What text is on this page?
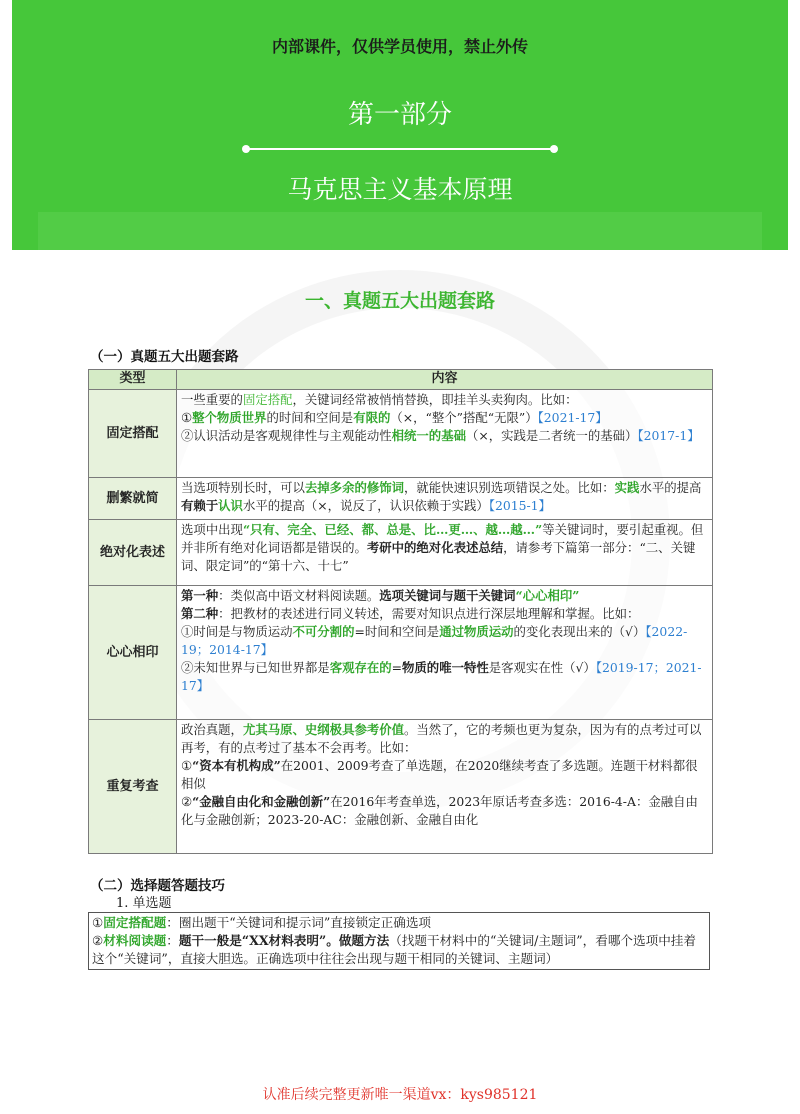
内部课件，仅供学员使用，禁止外传
第一部分
马克思主义基本原理
一、真题五大出题套路
（一）真题五大出题套路
类型	内容
固定搭配	一些重要的固定搭配，关键词经常被悄悄替换，即挂羊头卖狗肉。比如：
①整个物质世界的时间和空间是有限的（×，“整个”搭配“无限”）【2021-17】
②认识活动是客观规律性与主观能动性相统一的基础（×，实践是二者统一的基础）【2017-1】
删繁就简	当选项特别长时，可以去掉多余的修饰词，就能快速识别选项错误之处。比如：实践水平的提高有赖于认识水平的提高（×，说反了，认识依赖于实践）【2015-1】
绝对化表述	选项中出现“只有、完全、已经、都、总是、比…更…、越…越…”等关键词时，要引起重视。但并非所有绝对化词语都是错误的。考研中的绝对化表述总结，请参考下篇第一部分：“二、关键词、限定词”的“第十六、十七”
心心相印	第一种：类似高中语文材料阅读题。选项关键词与题干关键词“心心相印”
第二种：把教材的表述进行同义转述，需要对知识点进行深层地理解和掌握。比如：
①时间是与物质运动不可分割的=时间和空间是通过物质运动的变化表现出来的（√）【2022-19；2014-17】
②未知世界与已知世界都是客观存在的=物质的唯一特性是客观实在性（√）【2019-17；2021-17】
重复考查	政治真题，尤其马原、史纲极具参考价值。当然了，它的考频也更为复杂，因为有的点考过可以再考，有的点考过了基本不会再考。比如：
①“资本有机构成”在2001、2009考查了单选题，在2020继续考查了多选题。连题干材料都很相似
②“金融自由化和金融创新”在2016年考查单选，2023年原话考查多选：2016-4-A：金融自由化与金融创新；2023-20-AC：金融创新、金融自由化
（二）选择题答题技巧
1. 单选题
①固定搭配题：圈出题干“关键词和提示词”直接锁定正确选项
②材料阅读题：题干一般是“XX材料表明”。做题方法（找题干材料中的“关键词/主题词”，看哪个选项中挂着这个“关键词”，直接大胆选。正确选项中往往会出现与题干相同的关键词、主题词）
认准后续完整更新唯一渠道vx：kys985121
